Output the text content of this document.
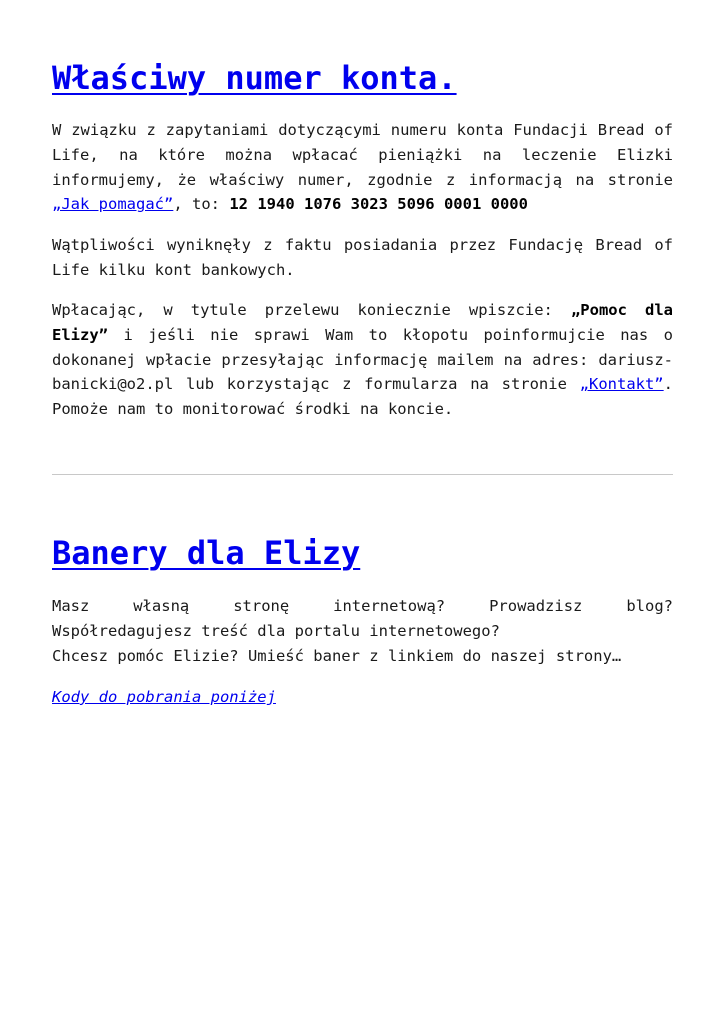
Właściwy numer konta.

W związku z zapytaniami dotyczącymi numeru konta Fundacji Bread of Life, na które można wpłacać pieniążki na leczenie Elizki informujemy, że właściwy numer, zgodnie z informacją na stronie „Jak pomagać”, to: 12 1940 1076 3023 5096 0001 0000

Wątpliwości wyniknęły z faktu posiadania przez Fundację Bread of Life kilku kont bankowych.

Wpłacając, w tytule przelewu koniecznie wpiszcie: „Pomoc dla Elizy” i jeśli nie sprawi Wam to kłopotu poinformujcie nas o dokonanej wpłacie przesyłając informację mailem na adres: dariusz-banicki@o2.pl lub korzystając z formularza na stronie „Kontakt”. Pomoże nam to monitorować środki na koncie.

Banery dla Elizy

Masz własną stronę internetową? Prowadzisz blog?
Współredagujesz treść dla portalu internetowego?
Chcesz pomóc Elizie? Umieść baner z linkiem do naszej strony…

Kody do pobrania poniżej
